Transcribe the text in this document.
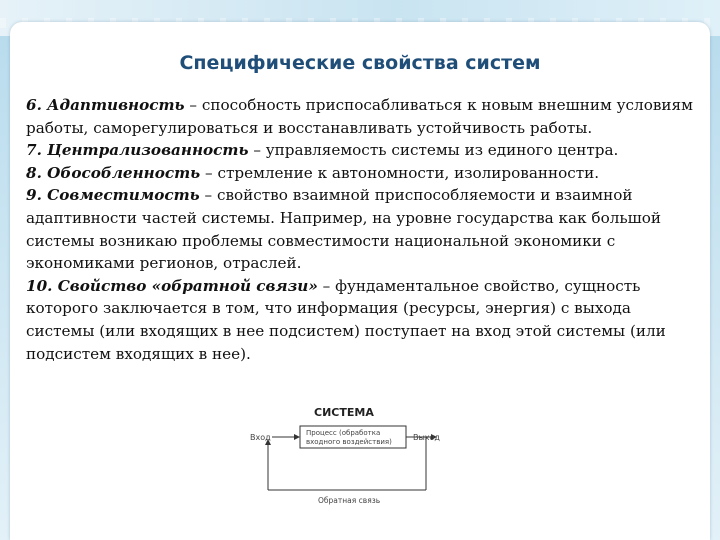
Специфические свойства систем

6. Адаптивность – способность приспосабливаться к новым внешним условиям работы, саморегулироваться и восстанавливать устойчивость работы.

7. Централизованность – управляемость системы из единого центра.

8. Обособленность – стремление к автономности, изолированности.

9. Совместимость – свойство взаимной приспособляемости и взаимной адаптивности частей системы. Например, на уровне государства как большой системы возникаю проблемы совместимости национальной экономики с экономиками регионов, отраслей.

10. Свойство «обратной связи» – фундаментальное свойство, сущность которого заключается в том, что информация (ресурсы, энергия) с выхода системы (или входящих в нее подсистем) поступает на вход этой системы (или подсистем входящих в нее).

СИСТЕМА
Вход	Выход
Процесс (обработка входного воздействия)
Обратная связь
